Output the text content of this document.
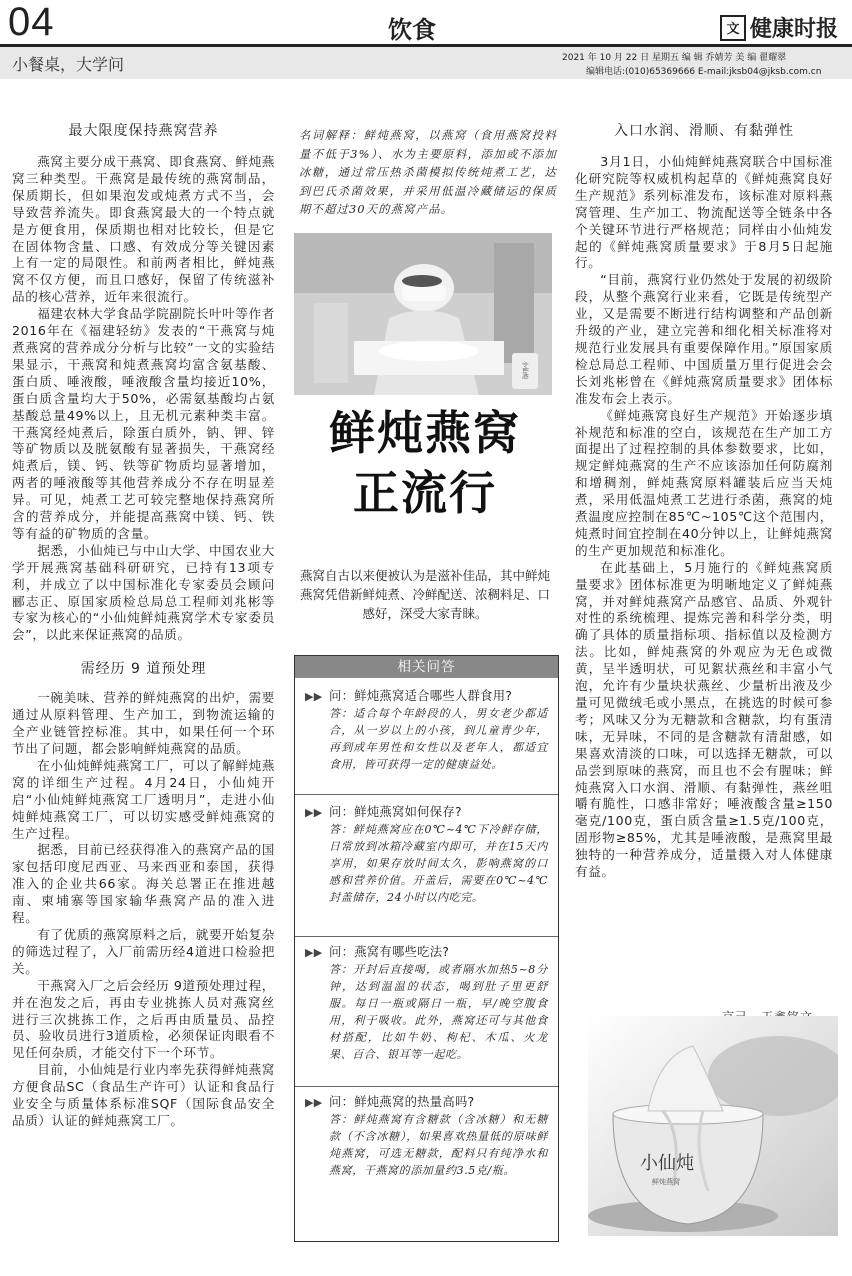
04	饮食	文 健康时报
小餐桌，大学问	2021 年 10 月 22 日 星期五 编 辑 乔婧芳 美 编 翟耀翠
编辑电话:(010)65369666 E-mail:jksb04@jksb.com.cn
最大限度保持燕窝营养

燕窝主要分成干燕窝、即食燕窝、鲜炖燕窝三种类型。干燕窝是最传统的燕窝制品，保质期长，但如果泡发或炖煮方式不当，会导致营养流失。即食燕窝最大的一个特点就是方便食用，保质期也相对比较长，但是它在固体物含量、口感、有效成分等关键因素上有一定的局限性。和前两者相比，鲜炖燕窝不仅方便，而且口感好，保留了传统滋补品的核心营养，近年来很流行。

福建农林大学食品学院副院长叶叶等作者2016年在《福建轻纺》发表的“干燕窝与炖煮燕窝的营养成分分析与比较”一文的实验结果显示，干燕窝和炖煮燕窝均富含氨基酸、蛋白质、唾液酸，唾液酸含量均接近10%，蛋白质含量均大于50%，必需氨基酸均占氨基酸总量49%以上，且无机元素种类丰富。干燕窝经炖煮后，除蛋白质外，钠、钾、锌等矿物质以及胱氨酸有显著损失，干燕窝经炖煮后，镁、钙、铁等矿物质均显著增加，两者的唾液酸等其他营养成分不存在明显差异。可见，炖煮工艺可较完整地保持燕窝所含的营养成分，并能提高燕窝中镁、钙、铁等有益的矿物质的含量。

据悉，小仙炖已与中山大学、中国农业大学开展燕窝基础科研研究，已持有13项专利，并成立了以中国标准化专家委员会顾问郦志正、原国家质检总局总工程师刘兆彬等专家为核心的“小仙炖鲜炖燕窝学术专家委员会”，以此来保证燕窝的品质。

需经历 9 道预处理

一碗美味、营养的鲜炖燕窝的出炉，需要通过从原料管理、生产加工，到物流运输的全产业链管控标准。其中，如果任何一个环节出了问题，都会影响鲜炖燕窝的品质。

在小仙炖鲜炖燕窝工厂，可以了解鲜炖燕窝的详细生产过程。4月24日，小仙炖开启“小仙炖鲜炖燕窝工厂透明月”，走进小仙炖鲜炖燕窝工厂，可以切实感受鲜炖燕窝的生产过程。

据悉，目前已经获得准入的燕窝产品的国家包括印度尼西亚、马来西亚和泰国，获得准入的企业共66家。海关总署正在推进越南、柬埔寨等国家输华燕窝产品的准入进程。

有了优质的燕窝原料之后，就要开始复杂的筛选过程了，入厂前需历经4道进口检验把关。

干燕窝入厂之后会经历 9道预处理过程，并在泡发之后，再由专业挑拣人员对燕窝丝进行三次挑拣工作，之后再由质量员、品控员、验收员进行3道质检，必须保证肉眼看不见任何杂质，才能交付下一个环节。

目前，小仙炖是行业内率先获得鲜炖燕窝方便食品SC（食品生产许可）认证和食品行业安全与质量体系标准SQF（国际食品安全品质）认证的鲜炖燕窝工厂。

名词解释：鲜炖燕窝，以燕窝（食用燕窝投料量不低于3%）、水为主要原料，添加或不添加冰糖，通过常压热杀菌模拟传统炖煮工艺，达到巴氏杀菌效果，并采用低温冷藏储运的保质期不超过30天的燕窝产品。
小仙炖
鲜炖燕窝
正流行
燕窝自古以来便被认为是滋补佳品，其中鲜炖燕窝凭借新鲜炖煮、冷鲜配送、浓稠料足、口感好，深受大家青睐。
相关问答
▶▶ 问：鲜炖燕窝适合哪些人群食用?
答：适合每个年龄段的人，男女老少都适合，从一岁以上的小孩，到儿童青少年，再到成年男性和女性以及老年人，都适宜食用，皆可获得一定的健康益处。
▶▶ 问：鲜炖燕窝如何保存?
答：鲜炖燕窝应在0℃~4℃下冷鲜存储，日常放到冰箱冷藏室内即可，并在15天内享用，如果存放时间太久，影响燕窝的口感和营养价值。开盖后，需要在0℃~4℃封盖储存，24小时以内吃完。
▶▶ 问：燕窝有哪些吃法?
答：开封后直接喝，或者隔水加热5~8分钟，达到温温的状态，喝到肚子里更舒服。每日一瓶或隔日一瓶，早/晚空腹食用，利于吸收。此外，燕窝还可与其他食材搭配，比如牛奶、枸杞、木瓜、火龙果、百合、银耳等一起吃。
▶▶ 问：鲜炖燕窝的热量高吗?
答：鲜炖燕窝有含糖款（含冰糖）和无糖款（不含冰糖），如果喜欢热量低的原味鲜炖燕窝，可选无糖款，配料只有纯净水和燕窝，干燕窝的添加量约3.5克/瓶。
入口水润、滑顺、有黏弹性

3月1日，小仙炖鲜炖燕窝联合中国标准化研究院等权威机构起草的《鲜炖燕窝良好生产规范》系列标准发布，该标准对原料燕窝管理、生产加工、物流配送等全链条中各个关键环节进行严格规范；同样由小仙炖发起的《鲜炖燕窝质量要求》于8月5日起施行。

“目前，燕窝行业仍然处于发展的初级阶段，从整个燕窝行业来看，它既是传统型产业，又是需要不断进行结构调整和产品创新升级的产业，建立完善和细化相关标准将对规范行业发展具有重要保障作用。”原国家质检总局总工程师、中国质量万里行促进会会长刘兆彬曾在《鲜炖燕窝质量要求》团体标准发布会上表示。

《鲜炖燕窝良好生产规范》开始逐步填补规范和标准的空白，该规范在生产加工方面提出了过程控制的具体参数要求，比如，规定鲜炖燕窝的生产不应该添加任何防腐剂和增稠剂，鲜炖燕窝原料罐装后应当天炖煮，采用低温炖煮工艺进行杀菌，燕窝的炖煮温度应控制在85℃~105℃这个范围内，炖煮时间宜控制在40分钟以上，让鲜炖燕窝的生产更加规范和标准化。

在此基础上，5月施行的《鲜炖燕窝质量要求》团体标准更为明晰地定义了鲜炖燕窝，并对鲜炖燕窝产品感官、品质、外观针对性的系统梳理、提炼完善和科学分类，明确了具体的质量指标项、指标值以及检测方法。比如，鲜炖燕窝的外观应为无色或微黄，呈半透明状，可见絮状燕丝和丰富小气泡，允许有少量块状燕丝、少量析出液及少量可见微绒毛或小黑点，在挑选的时候可参考；风味又分为无糖款和含糖款，均有蛋清味，无异味，不同的是含糖款有清甜感，如果喜欢清淡的口味，可以选择无糖款，可以品尝到原味的燕窝，而且也不会有腥味；鲜炖燕窝入口水润、滑顺、有黏弹性，燕丝咀嚼有脆性，口感非常好；唾液酸含量≥150毫克/100克，蛋白质含量≥1.5克/100克，固形物≥85%，尤其是唾液酸，是燕窝里最独特的一种营养成分，适量摄入对人体健康有益。

小仙炖
鲜炖燕窝
